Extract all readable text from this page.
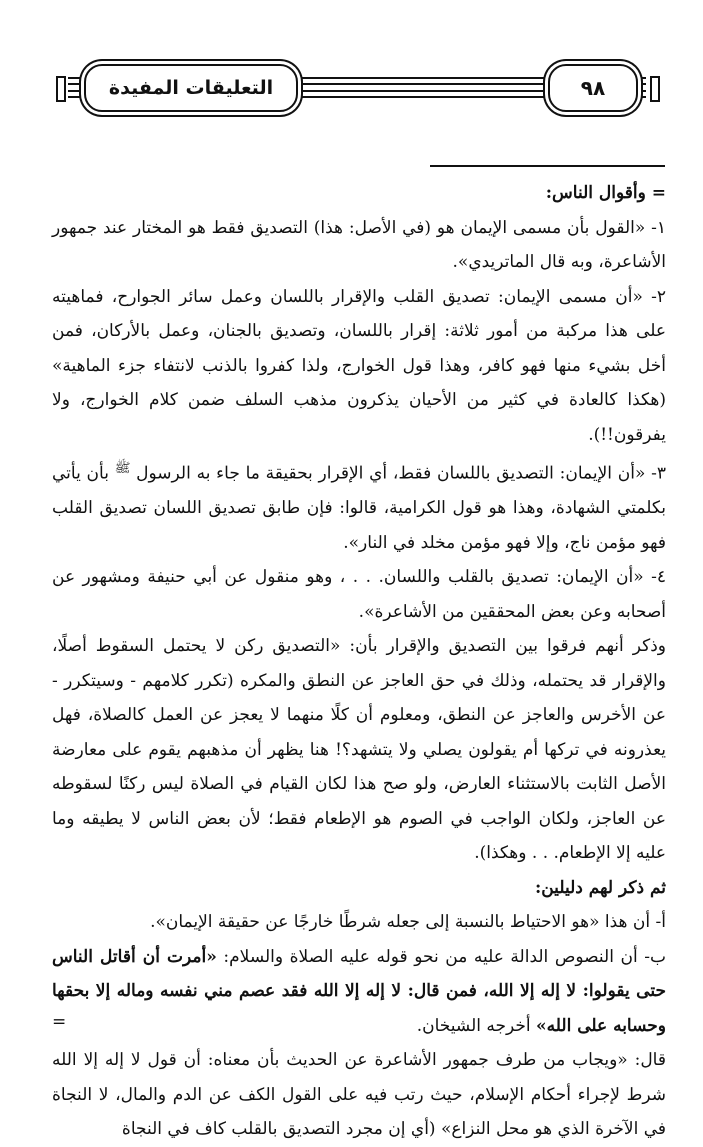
التعليقات المفيدة	٩٨

= وأقوال الناس:

١- «القول بأن مسمى الإيمان هو (في الأصل: هذا) التصديق فقط هو المختار عند جمهور الأشاعرة، وبه قال الماتريدي».

٢- «أن مسمى الإيمان: تصديق القلب والإقرار باللسان وعمل سائر الجوارح، فماهيته على هذا مركبة من أمور ثلاثة: إقرار باللسان، وتصديق بالجنان، وعمل بالأركان، فمن أخل بشيء منها فهو كافر، وهذا قول الخوارج، ولذا كفروا بالذنب لانتفاء جزء الماهية» (هكذا كالعادة في كثير من الأحيان يذكرون مذهب السلف ضمن كلام الخوارج، ولا يفرقون!!).

٣- «أن الإيمان: التصديق باللسان فقط، أي الإقرار بحقيقة ما جاء به الرسول $^ﷺ$ بأن يأتي بكلمتي الشهادة، وهذا هو قول الكرامية، قالوا: فإن طابق تصديق اللسان تصديق القلب فهو مؤمن ناج، وإلا فهو مؤمن مخلد في النار».

٤- «أن الإيمان: تصديق بالقلب واللسان. . . ، وهو منقول عن أبي حنيفة ومشهور عن أصحابه وعن بعض المحققين من الأشاعرة».

وذكر أنهم فرقوا بين التصديق والإقرار بأن: «التصديق ركن لا يحتمل السقوط أصلًا، والإقرار قد يحتمله، وذلك في حق العاجز عن النطق والمكره (تكرر كلامهم - وسيتكرر - عن الأخرس والعاجز عن النطق، ومعلوم أن كلًا منهما لا يعجز عن العمل كالصلاة، فهل يعذرونه في تركها أم يقولون يصلي ولا يتشهد؟! هنا يظهر أن مذهبهم يقوم على معارضة الأصل الثابت بالاستثناء العارض، ولو صح هذا لكان القيام في الصلاة ليس ركنًا لسقوطه عن العاجز، ولكان الواجب في الصوم هو الإطعام فقط؛ لأن بعض الناس لا يطيقه وما عليه إلا الإطعام. . . وهكذا).

ثم ذكر لهم دليلين:

أ- أن هذا «هو الاحتياط بالنسبة إلى جعله شرطًا خارجًا عن حقيقة الإيمان».

ب- أن النصوص الدالة عليه من نحو قوله عليه الصلاة والسلام: «أمرت أن أقاتل الناس حتى يقولوا: لا إله إلا الله، فمن قال: لا إله إلا الله فقد عصم مني نفسه وماله إلا بحقها وحسابه على الله» أخرجه الشيخان.

قال: «ويجاب من طرف جمهور الأشاعرة عن الحديث بأن معناه: أن قول لا إله إلا الله شرط لإجراء أحكام الإسلام، حيث رتب فيه على القول الكف عن الدم والمال، لا النجاة في الآخرة الذي هو محل النزاع» (أي إن مجرد التصديق بالقلب كاف في النجاة

=
